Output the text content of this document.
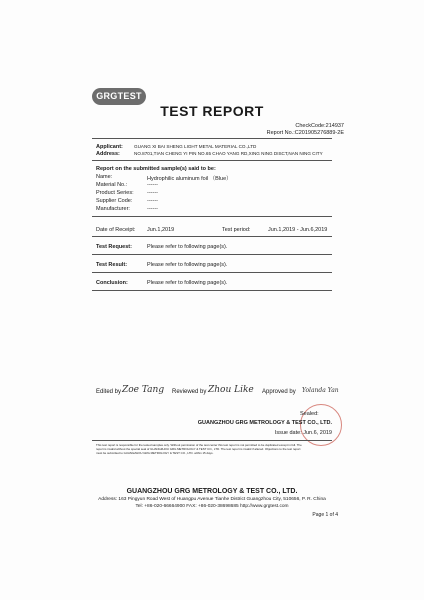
GRGTEST
TEST REPORT
CheckCode:214937
Report No.:C2019052768​89-2E
Applicant: GUANG XI BAI SHENG LIGHT METAL MATERIAL CO.,LTD
Address:	NO.8701,TIAN CHENG YI PIN NO.65 CHAO YANG RD,XING NING DISCT,NAN NING CITY
Report on the submitted sample(s) said to be:
Name:	Hydrophilic aluminum foil （Blue）
Material No.:	------
Product Series: ------
Supplier Code:	------
Manufacturer:	------
Date of Receipt: Jun.1,2019	Test period:	Jun.1,2019 - Jun.6,2019
Test Request:	Please refer to following page(s).
Test Result:	Please refer to following page(s).
Conclusion:	Please refer to following page(s).
Edited by Zoe Tang Reviewed by Zhou Like Approved by Yolanda Yan
Sealed:
GUANGZHOU GRG METROLOGY & TEST CO., LTD.
Issue date: Jun.6, 2019
This test report is responsible for the tested samples only. Without permission of the test center this test report is not permitted to be duplicated except in full. The
report is invalid without the special seal of GUANGZHOU GRG METROLOGY & TEST CO., LTD. The test report is invalid if altered. Objections to the test report
must be submitted to GUANGZHOU GRG METROLOGY & TEST CO., LTD. within 15 days.
GUANGZHOU GRG METROLOGY & TEST CO., LTD.
Address: 163 Pingyun Road West of Huangpu Avenue Tianhe District Guangzhou City, 510656, P. R. China
Tel: +86-020-66664900 FAX: +86-020-38698685 http://www.grgtest.com
Page 1 of 4
